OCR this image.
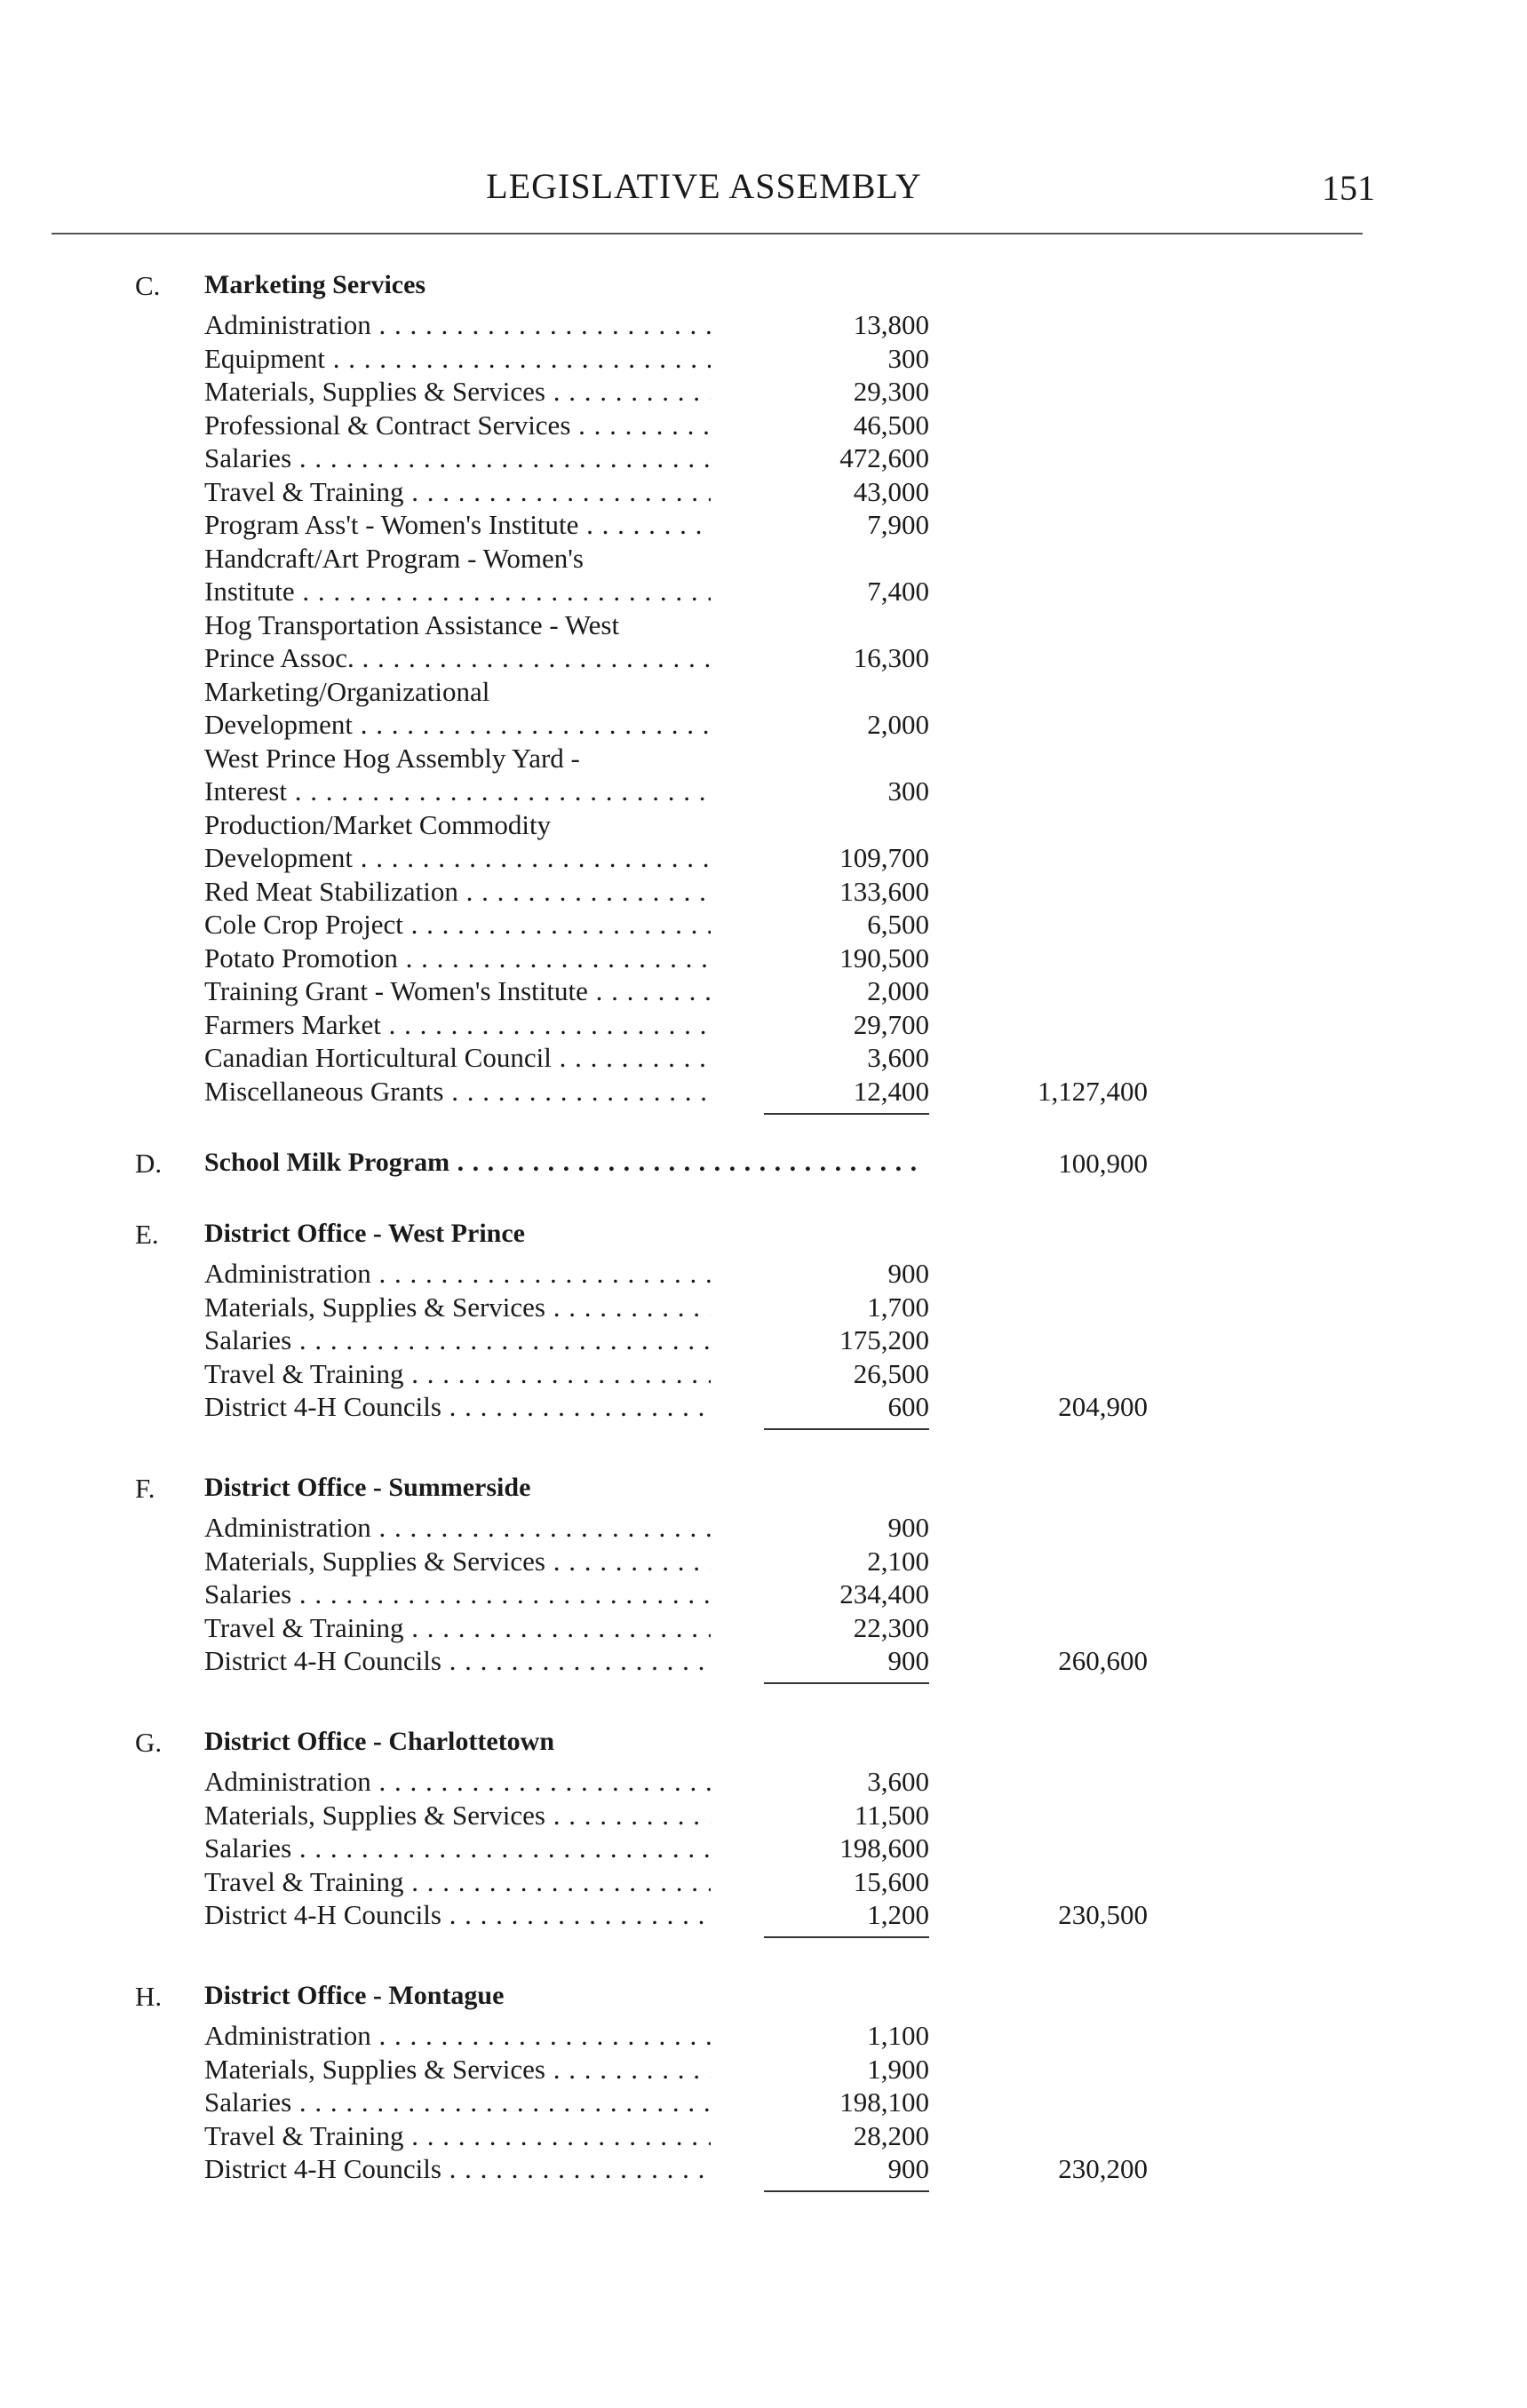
LEGISLATIVE ASSEMBLY	151
C.	Marketing Services
Administration . . .	13,800
Equipment . . .	300
Materials, Supplies & Services . . .	29,300
Professional & Contract Services . . .	46,500
Salaries . . .	472,600
Travel & Training . . .	43,000
Program Ass't - Women's Institute . . .	7,900
Handcraft/Art Program - Women's
Institute . . .	7,400
Hog Transportation Assistance - West
Prince Assoc. . . .	16,300
Marketing/Organizational
Development . . .	2,000
West Prince Hog Assembly Yard -
Interest . . .	300
Production/Market Commodity
Development . . .	109,700
Red Meat Stabilization . . .	133,600
Cole Crop Project . . .	6,500
Potato Promotion . . .	190,500
Training Grant - Women's Institute . . .	2,000
Farmers Market . . .	29,700
Canadian Horticultural Council . . .	3,600
Miscellaneous Grants . . .	12,400	1,127,400
D.	School Milk Program . . .	100,900
E.	District Office - West Prince
Administration . . .	900
Materials, Supplies & Services . . .	1,700
Salaries . . .	175,200
Travel & Training . . .	26,500
District 4-H Councils . . .	600	204,900
F.	District Office - Summerside
Administration . . .	900
Materials, Supplies & Services . . .	2,100
Salaries . . .	234,400
Travel & Training . . .	22,300
District 4-H Councils . . .	900	260,600
G.	District Office - Charlottetown
Administration . . .	3,600
Materials, Supplies & Services . . .	11,500
Salaries . . .	198,600
Travel & Training . . .	15,600
District 4-H Councils . . .	1,200	230,500
H.	District Office - Montague
Administration . . .	1,100
Materials, Supplies & Services . . .	1,900
Salaries . . .	198,100
Travel & Training . . .	28,200
District 4-H Councils . . .	900	230,200
